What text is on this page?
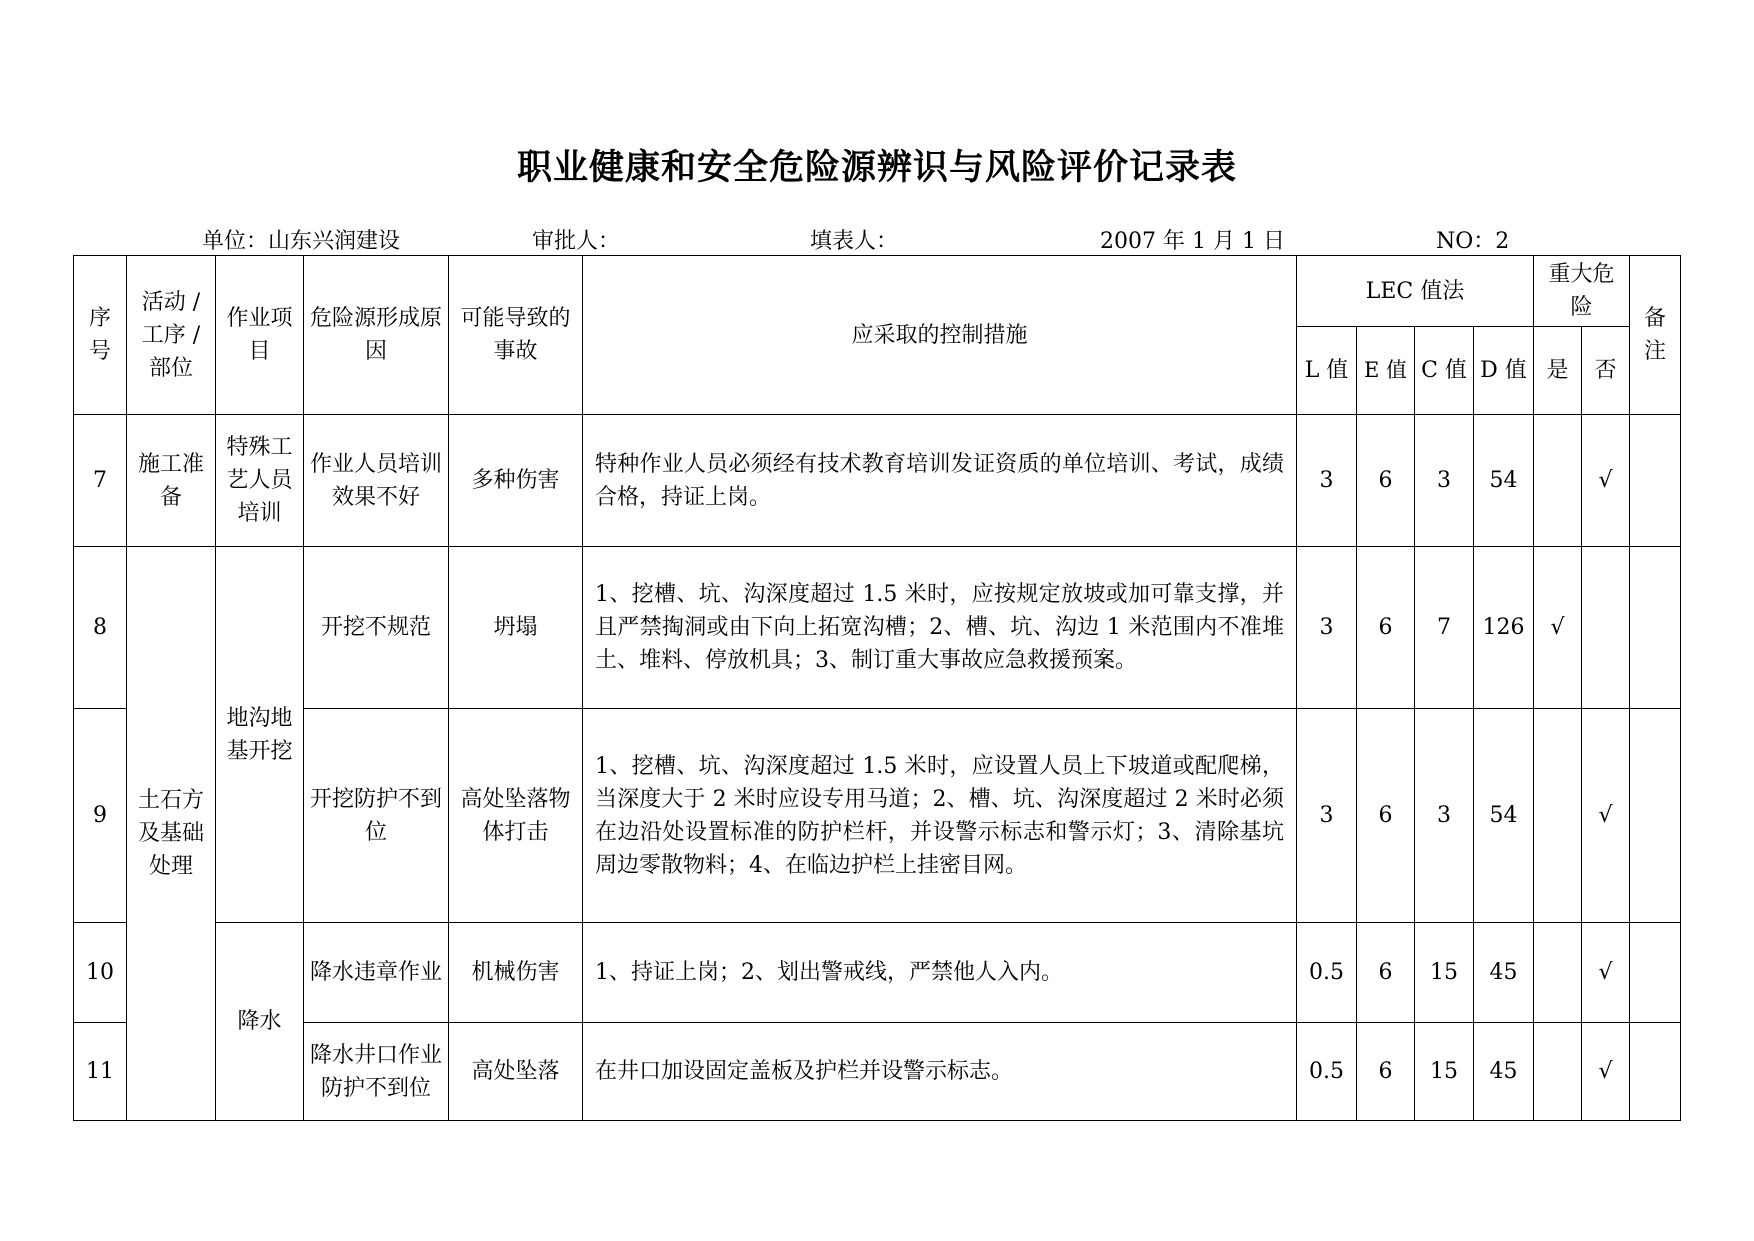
职业健康和安全危险源辨识与风险评价记录表
单位：山东兴润建设	审批人：	填表人：	2007 年 1 月 1 日	NO：2
序号	活动 / 工序 / 部位	作业项目	危险源形成原因	可能导致的事故	应采取的控制措施	LEC 值法				重大危险		备注
						L 值	E 值	C 值	D 值	是	否	
7	施工准备	特殊工艺人员培训	作业人员培训效果不好	多种伤害	特种作业人员必须经有技术教育培训发证资质的单位培训、考试，成绩合格，持证上岗。	3	6	3	54		√	
8	土石方及基础处理	地沟地基开挖	开挖不规范	坍塌	1、挖槽、坑、沟深度超过 1.5 米时，应按规定放坡或加可靠支撑，并且严禁掏洞或由下向上拓宽沟槽；2、槽、坑、沟边 1 米范围内不准堆土、堆料、停放机具；3、制订重大事故应急救援预案。	3	6	7	126	√		
9			开挖防护不到位	高处坠落物体打击	1、挖槽、坑、沟深度超过 1.5 米时，应设置人员上下坡道或配爬梯，当深度大于 2 米时应设专用马道；2、槽、坑、沟深度超过 2 米时必须在边沿处设置标准的防护栏杆，并设警示标志和警示灯；3、清除基坑周边零散物料；4、在临边护栏上挂密目网。	3	6	3	54		√	
10		降水	降水违章作业	机械伤害	1、持证上岗；2、划出警戒线，严禁他人入内。	0.5	6	15	45		√	
11			降水井口作业防护不到位	高处坠落	在井口加设固定盖板及护栏并设警示标志。	0.5	6	15	45		√	
